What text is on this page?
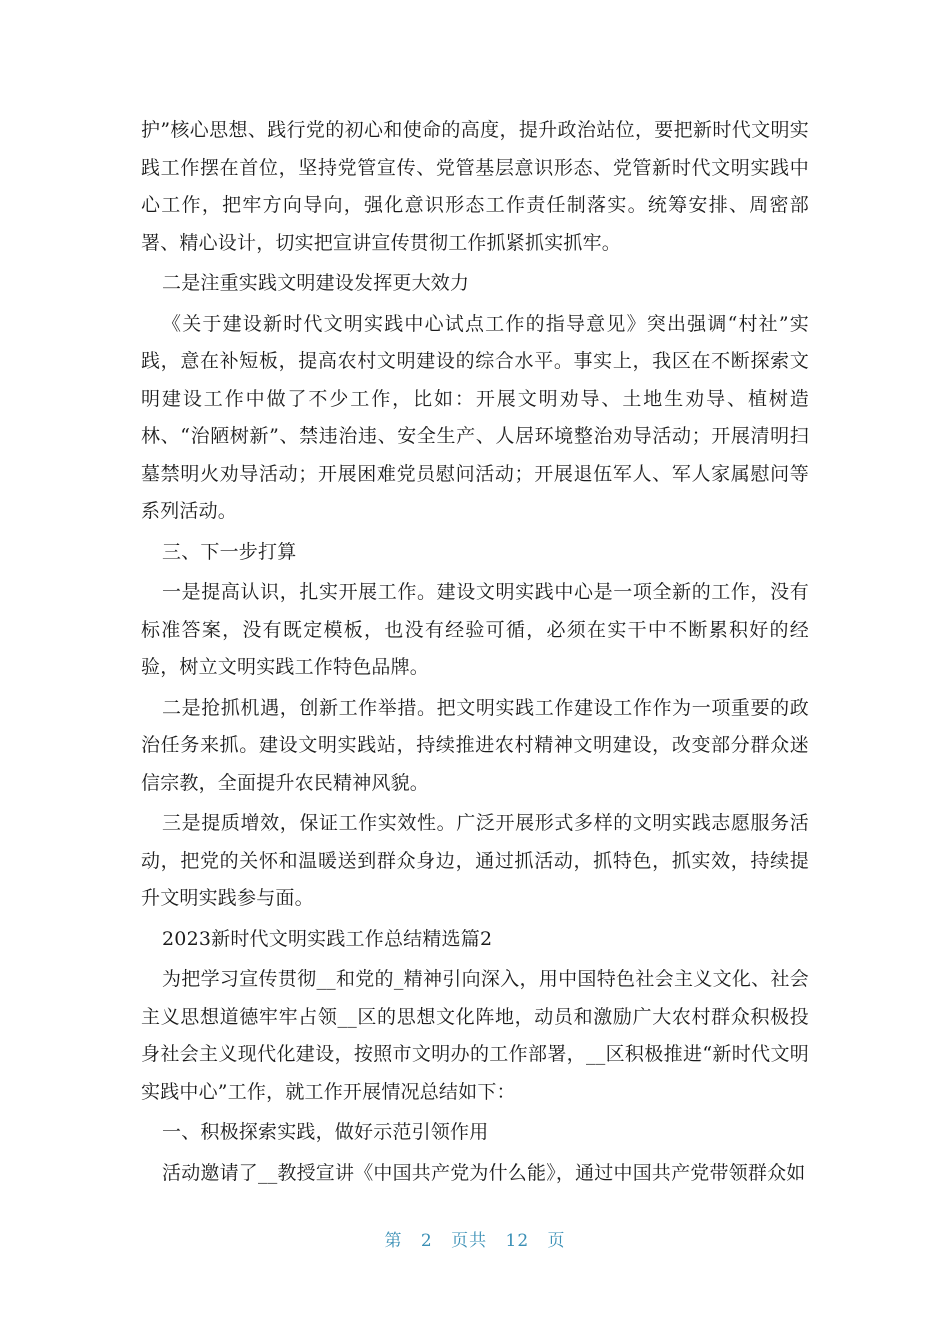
护”核心思想、践行党的初心和使命的高度，提升政治站位，要把新时代文明实践工作摆在首位，坚持党管宣传、党管基层意识形态、党管新时代文明实践中心工作，把牢方向导向，强化意识形态工作责任制落实。统筹安排、周密部署、精心设计，切实把宣讲宣传贯彻工作抓紧抓实抓牢。

二是注重实践文明建设发挥更大效力

《关于建设新时代文明实践中心试点工作的指导意见》突出强调“村社”实践，意在补短板，提高农村文明建设的综合水平。事实上，我区在不断探索文明建设工作中做了不少工作，比如：开展文明劝导、土地生劝导、植树造林、“治陋树新”、禁违治违、安全生产、人居环境整治劝导活动；开展清明扫墓禁明火劝导活动；开展困难党员慰问活动；开展退伍军人、军人家属慰问等系列活动。

三、下一步打算

一是提高认识，扎实开展工作。建设文明实践中心是一项全新的工作，没有标准答案，没有既定模板，也没有经验可循，必须在实干中不断累积好的经验，树立文明实践工作特色品牌。

二是抢抓机遇，创新工作举措。把文明实践工作建设工作作为一项重要的政治任务来抓。建设文明实践站，持续推进农村精神文明建设，改变部分群众迷信宗教，全面提升农民精神风貌。

三是提质增效，保证工作实效性。广泛开展形式多样的文明实践志愿服务活动，把党的关怀和温暖送到群众身边，通过抓活动，抓特色，抓实效，持续提升文明实践参与面。

2023新时代文明实践工作总结精选篇2

为把学习宣传贯彻__和党的_精神引向深入，用中国特色社会主义文化、社会主义思想道德牢牢占领__区的思想文化阵地，动员和激励广大农村群众积极投身社会主义现代化建设，按照市文明办的工作部署，__区积极推进“新时代文明实践中心”工作，就工作开展情况总结如下：

一、积极探索实践，做好示范引领作用

活动邀请了__教授宣讲《中国共产党为什么能》，通过中国共产党带领群众如

第 2 页共 12 页
